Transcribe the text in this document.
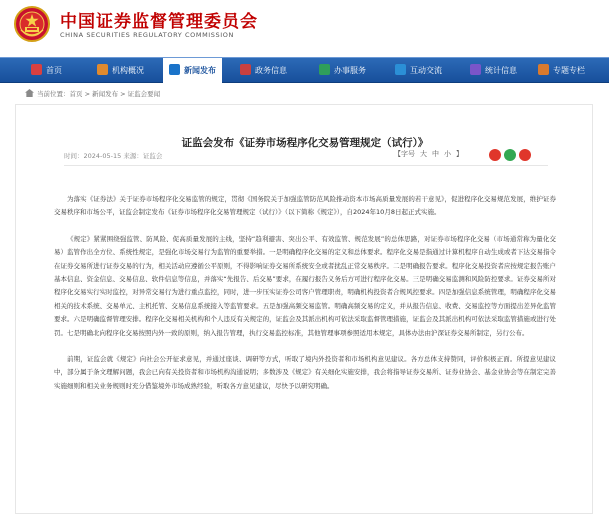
中国证券监督管理委员会
CHINA SECURITIES REGULATORY COMMISSION
首页	机构概况	新闻发布	政务信息	办事服务	互动交流	统计信息	专题专栏
当前位置：首页 > 新闻发布 > 证监会要闻
证监会发布《证券市场程序化交易管理规定（试行）》
时间：2024-05-15 来源：证监会	【字号 大 中 小 】

为落实《证券法》关于证券市场程序化交易监管的规定，贯彻《国务院关于加强监管防范风险推动资本市场高质量发展的若干意见》，促进程序化交易规范发展，维护证券交易秩序和市场公平，证监会制定发布《证券市场程序化交易管理规定（试行）》（以下简称《规定》），自2024年10月8日起正式实施。

《规定》紧紧围绕强监管、防风险、促高质量发展的主线，坚持“趋利避害、突出公平、有效监管、规范发展”的总体思路，对证券市场程序化交易（市场通常称为量化交易）监管作出全方位、系统性规定，是强化市场交易行为监管的重要举措。一是明确程序化交易的定义和总体要求。程序化交易是指通过计算机程序自动生成或者下达交易指令在证券交易所进行证券交易的行为，相关活动应遵循公平原则，不得影响证券交易所系统安全或者扰乱正常交易秩序。二是明确报告要求。程序化交易投资者应按规定报告账户基本信息、资金信息、交易信息、软件信息等信息，并落实“先报告、后交易”要求，在履行报告义务后方可进行程序化交易。三是明确交易监测和风险防控要求。证券交易所对程序化交易实行实时监控，对异常交易行为进行重点监控，同时，进一步压实证券公司客户管理职责，明确机构投资者合规风控要求。四是加强信息系统管理，明确程序化交易相关的技术系统、交易单元、主机托管、交易信息系统接入等监管要求。五是加强高频交易监管。明确高频交易的定义，并从报告信息、收费、交易监控等方面提出差异化监管要求。六是明确监督管理安排。程序化交易相关机构和个人违反有关规定的，证监会及其派出机构可依法采取监督管理措施，证监会及其派出机构可依法采取监管措施或进行处罚。七是明确北向程序化交易按照内外一致的原则，纳入报告管理，执行交易监控标准，其他管理事项参照适用本规定，具体办法由沪深证券交易所制定，另行公布。

前期，证监会就《规定》向社会公开征求意见，并通过座谈、调研等方式，听取了境内外投资者和市场机构意见建议。各方总体支持赞同，评价积极正面。所提意见建议中，部分属于条文理解问题，我会已向有关投资者和市场机构沟通说明；多数涉及《规定》有关细化实施安排，我会将指导证券交易所、证券业协会、基金业协会等在制定完善实施细则和相关业务规则时充分借鉴境外市场成熟经验，听取各方意见建议，尽快予以研究明确。
